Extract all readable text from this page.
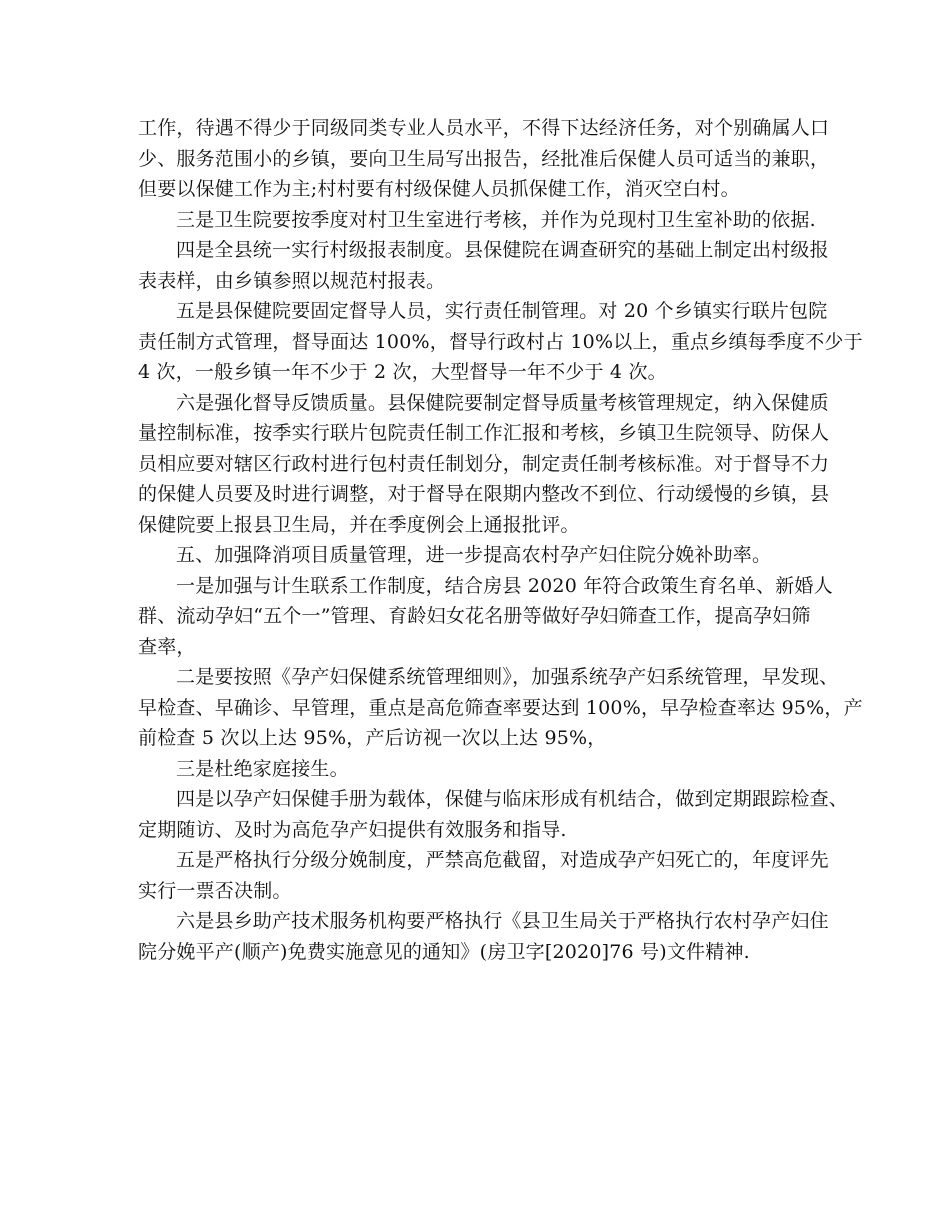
工作，待遇不得少于同级同类专业人员水平，不得下达经济任务，对个别确属人口
少、服务范围小的乡镇，要向卫生局写出报告，经批准后保健人员可适当的兼职，
但要以保健工作为主;村村要有村级保健人员抓保健工作，消灭空白村。

三是卫生院要按季度对村卫生室进行考核，并作为兑现村卫生室补助的依据.

四是全县统一实行村级报表制度。县保健院在调查研究的基础上制定出村级报
表表样，由乡镇参照以规范村报表。

五是县保健院要固定督导人员，实行责任制管理。对 20 个乡镇实行联片包院
责任制方式管理，督导面达 100%，督导行政村占 10%以上，重点乡缜每季度不少于
4 次，一般乡镇一年不少于 2 次，大型督导一年不少于 4 次。

六是强化督导反馈质量。县保健院要制定督导质量考核管理规定，纳入保健质
量控制标准，按季实行联片包院责任制工作汇报和考核，乡镇卫生院领导、防保人
员相应要对辖区行政村进行包村责任制划分，制定责任制考核标准。对于督导不力
的保健人员要及时进行调整，对于督导在限期内整改不到位、行动缓慢的乡镇，县
保健院要上报县卫生局，并在季度例会上通报批评。

五、加强降消项目质量管理，进一步提高农村孕产妇住院分娩补助率。

一是加强与计生联系工作制度，结合房县 2020 年符合政策生育名单、新婚人
群、流动孕妇“五个一”管理、育龄妇女花名册等做好孕妇筛查工作，提高孕妇筛
查率，

二是要按照《孕产妇保健系统管理细则》，加强系统孕产妇系统管理，早发现、
早检查、早确诊、早管理，重点是高危筛查率要达到 100%，早孕检查率达 95%，产
前检查 5 次以上达 95%，产后访视一次以上达 95%，

三是杜绝家庭接生。

四是以孕产妇保健手册为载体，保健与临床形成有机结合，做到定期跟踪检查、
定期随访、及时为高危孕产妇提供有效服务和指导.

五是严格执行分级分娩制度，严禁高危截留，对造成孕产妇死亡的，年度评先
实行一票否决制。

六是县乡助产技术服务机构要严格执行《县卫生局关于严格执行农村孕产妇住
院分娩平产(顺产)免费实施意见的通知》(房卫字[2020]76 号)文件精神.
